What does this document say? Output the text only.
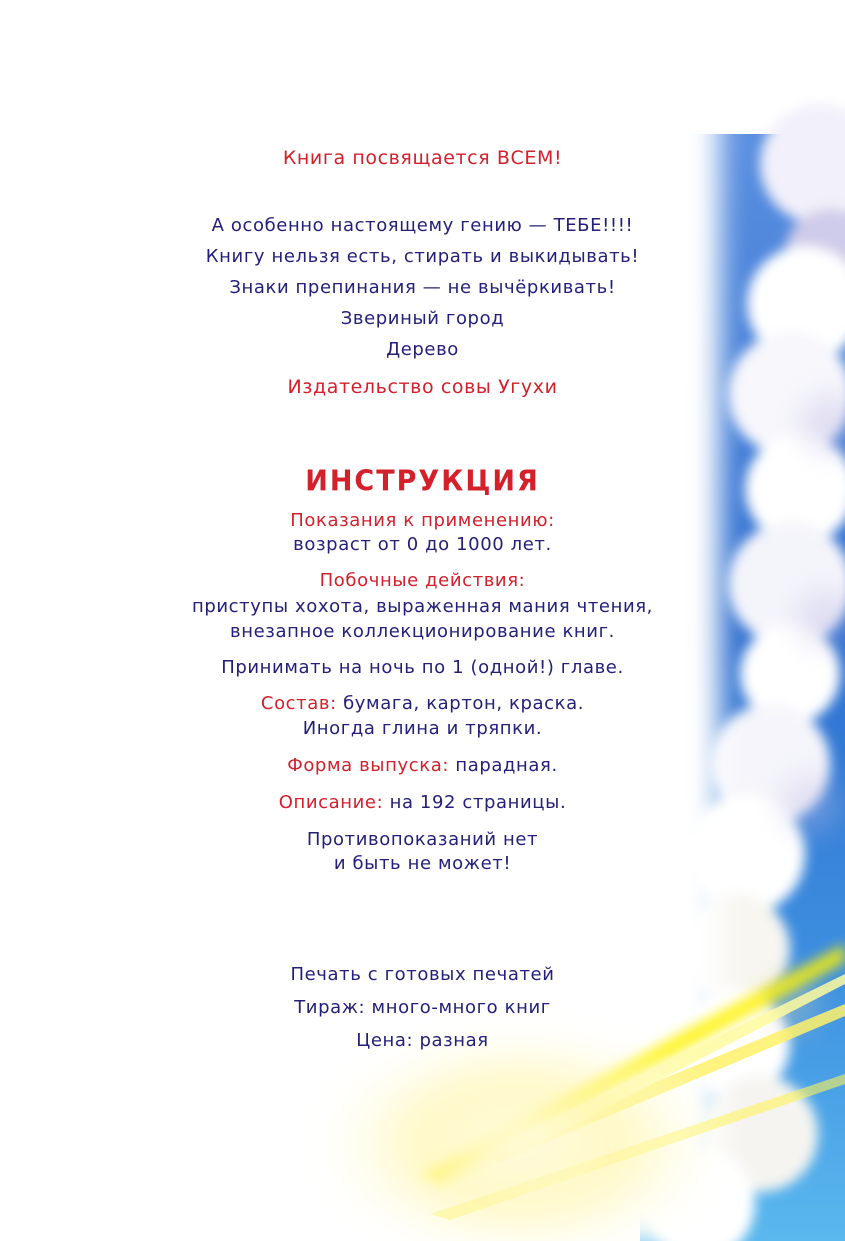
Книга посвящается ВСЕМ!
А особенно настоящему гению — ТЕБЕ!!!!
Книгу нельзя есть, стирать и выкидывать!
Знаки препинания — не вычёркивать!
Звериный город
Дерево
Издательство совы Угухи
ИНСТРУКЦИЯ
Показания к применению:
возраст от 0 до 1000 лет.
Побочные действия:
приступы хохота, выраженная мания чтения,
внезапное коллекционирование книг.
Принимать на ночь по 1 (одной!) главе.
Состав: бумага, картон, краска.
Иногда глина и тряпки.
Форма выпуска: парадная.
Описание: на 192 страницы.
Противопоказаний нет
и быть не может!
Печать с готовых печатей
Тираж: много-много книг
Цена: разная
